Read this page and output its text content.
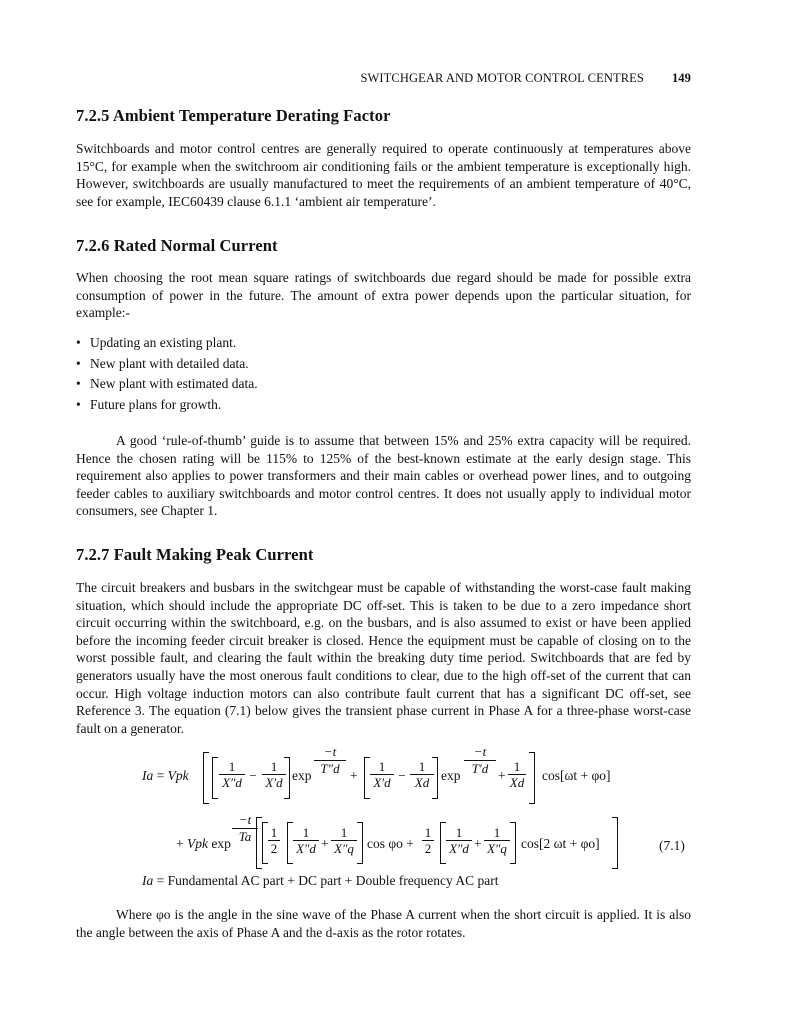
SWITCHGEAR AND MOTOR CONTROL CENTRES 149
7.2.5 Ambient Temperature Derating Factor

Switchboards and motor control centres are generally required to operate continuously at temperatures above 15°C, for example when the switchroom air conditioning fails or the ambient temperature is exceptionally high. However, switchboards are usually manufactured to meet the requirements of an ambient temperature of 40°C, see for example, IEC60439 clause 6.1.1 ‘ambient air temperature’.

7.2.6 Rated Normal Current

When choosing the root mean square ratings of switchboards due regard should be made for possible extra consumption of power in the future. The amount of extra power depends upon the particular situation, for example:-

• Updating an existing plant.
• New plant with detailed data.
• New plant with estimated data.
• Future plans for growth.

A good ‘rule-of-thumb’ guide is to assume that between 15% and 25% extra capacity will be required. Hence the chosen rating will be 115% to 125% of the best-known estimate at the early design stage. This requirement also applies to power transformers and their main cables or overhead power lines, and to outgoing feeder cables to auxiliary switchboards and motor control centres. It does not usually apply to individual motor consumers, see Chapter 1.

7.2.7 Fault Making Peak Current

The circuit breakers and busbars in the switchgear must be capable of withstanding the worst-case fault making situation, which should include the appropriate DC off-set. This is taken to be due to a zero impedance short circuit occurring within the switchboard, e.g. on the busbars, and is also assumed to exist or have been applied before the incoming feeder circuit breaker is closed. Hence the equipment must be capable of closing on to the worst possible fault, and clearing the fault within the breaking duty time period. Switchboards that are fed by generators usually have the most onerous fault conditions to clear, due to the high off-set of the current that can occur. High voltage induction motors can also contribute fault current that has a significant DC off-set, see Reference 3. The equation (7.1) below gives the transient phase current in Phase A for a three-phase worst-case fault on a generator.

Ia = Vpk
1
X″d −
1
X′d exp
−t
T″d +
1
X′d −
1
Xd exp
−t
T′d +
1
Xd cos[ωt + φo]
+ Vpk exp
−t
Ta	1
2
1
X″d +
1
X″q cos φo +
1
2
1
X″d +
1
X″q cos[2 ωt + φo]	(7.1)
Ia = Fundamental AC part + DC part + Double frequency AC part

Where φo is the angle in the sine wave of the Phase A current when the short circuit is applied. It is also the angle between the axis of Phase A and the d-axis as the rotor rotates.
